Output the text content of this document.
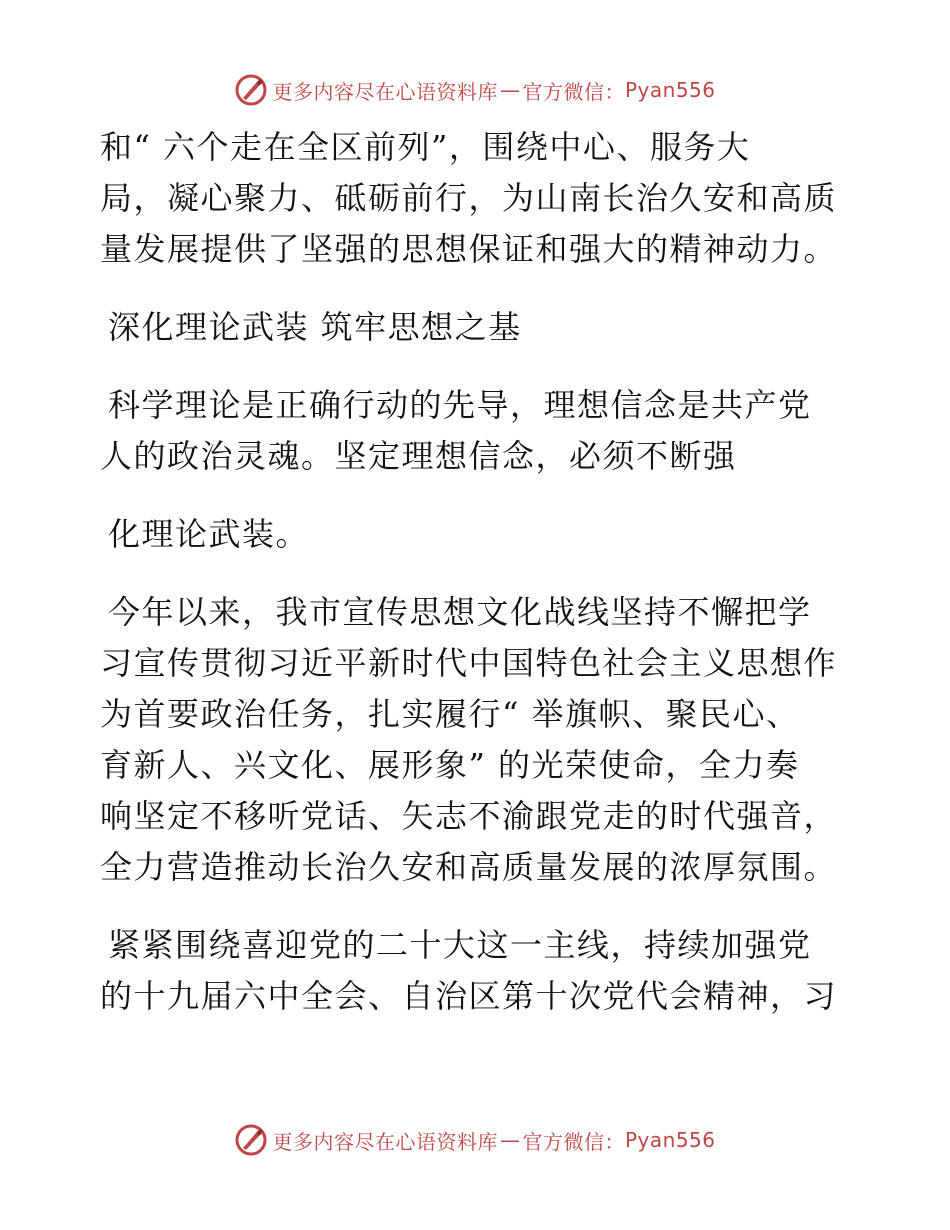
更多内容尽在心语资料库 — 官方微信： Pyan556
和“ 六个走在全区前列”，围绕中心、服务大
局，凝心聚力、砥砺前行，为山南长治久安和高质
量发展提供了坚强的思想保证和强大的精神动力。
深化理论武装 筑牢思想之基
科学理论是正确行动的先导，理想信念是共产党
人的政治灵魂。坚定理想信念，必须不断强
化理论武装。
今年以来，我市宣传思想文化战线坚持不懈把学
习宣传贯彻习近平新时代中国特色社会主义思想作
为首要政治任务，扎实履行“ 举旗帜、聚民心、
育新人、兴文化、展形象” 的光荣使命，全力奏
响坚定不移听党话、矢志不渝跟党走的时代强音，
全力营造推动长治久安和高质量发展的浓厚氛围。
紧紧围绕喜迎党的二十大这一主线，持续加强党
的十九届六中全会、自治区第十次党代会精神，习
更多内容尽在心语资料库 — 官方微信： Pyan556
